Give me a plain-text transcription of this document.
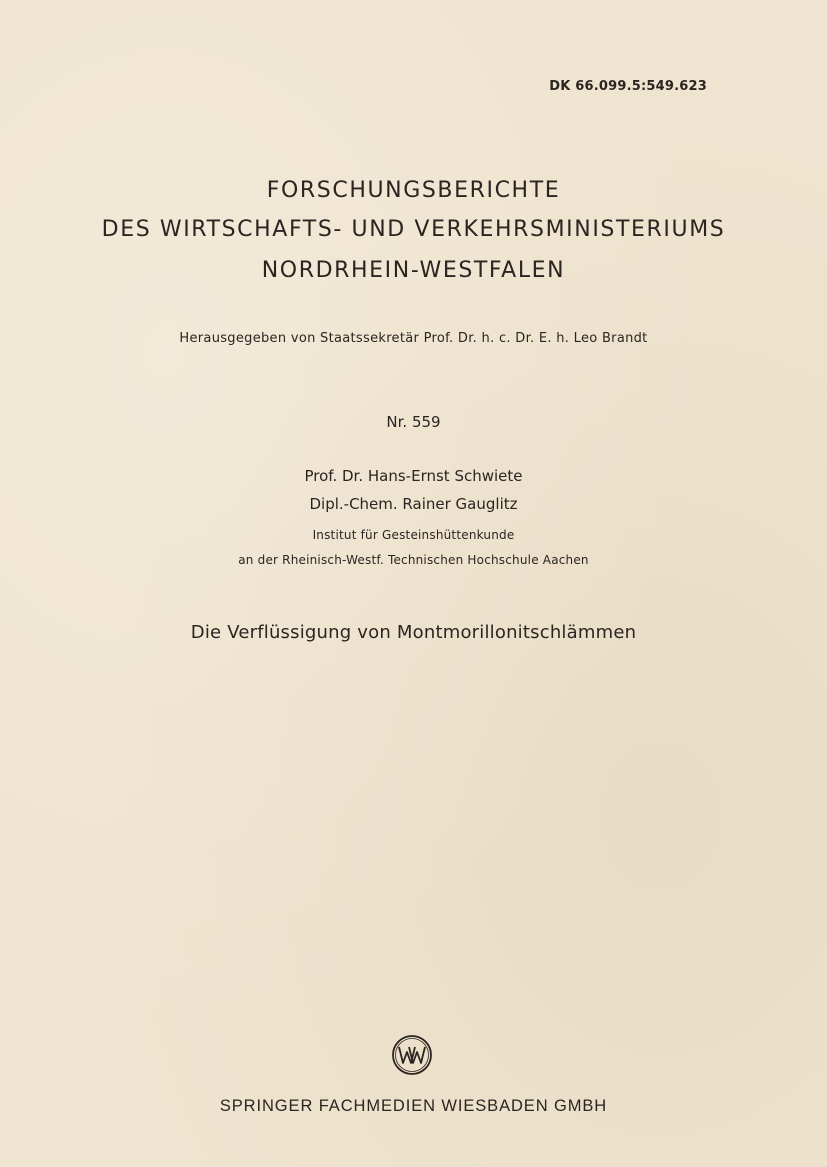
DK 66.099.5:549.623
FORSCHUNGSBERICHTE
DES WIRTSCHAFTS- UND VERKEHRSMINISTERIUMS
NORDRHEIN-WESTFALEN
Herausgegeben von Staatssekretär Prof. Dr. h. c. Dr. E. h. Leo Brandt
Nr. 559
Prof. Dr. Hans-Ernst Schwiete
Dipl.-Chem. Rainer Gauglitz
Institut für Gesteinshüttenkunde
an der Rheinisch-Westf. Technischen Hochschule Aachen
Die Verflüssigung von Montmorillonitschlämmen
SPRINGER FACHMEDIEN WIESBADEN GMBH
